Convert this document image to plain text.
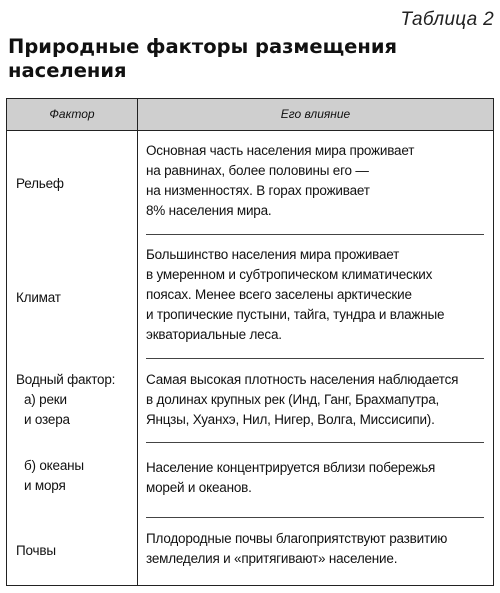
Таблица 2
Природные факторы размещения
населения
Фактор	Его влияние
Рельеф
Основная часть населения мира проживает
на равнинах, более половины его —
на низменностях. В горах проживает
8% населения мира.
Климат
Большинство населения мира проживает
в умеренном и субтропическом климатических
поясах. Менее всего заселены арктические
и тропические пустыни, тайга, тундра и влажные
экваториальные леса.
Водный фактор:
а) реки
и озера
Самая высокая плотность населения наблюдается
в долинах крупных рек (Инд, Ганг, Брахмапутра,
Янцзы, Хуанхэ, Нил, Нигер, Волга, Миссисипи).
б) океаны
и моря
Население концентрируется вблизи побережья
морей и океанов.
Почвы
Плодородные почвы благоприятствуют развитию
земледелия и «притягивают» население.
